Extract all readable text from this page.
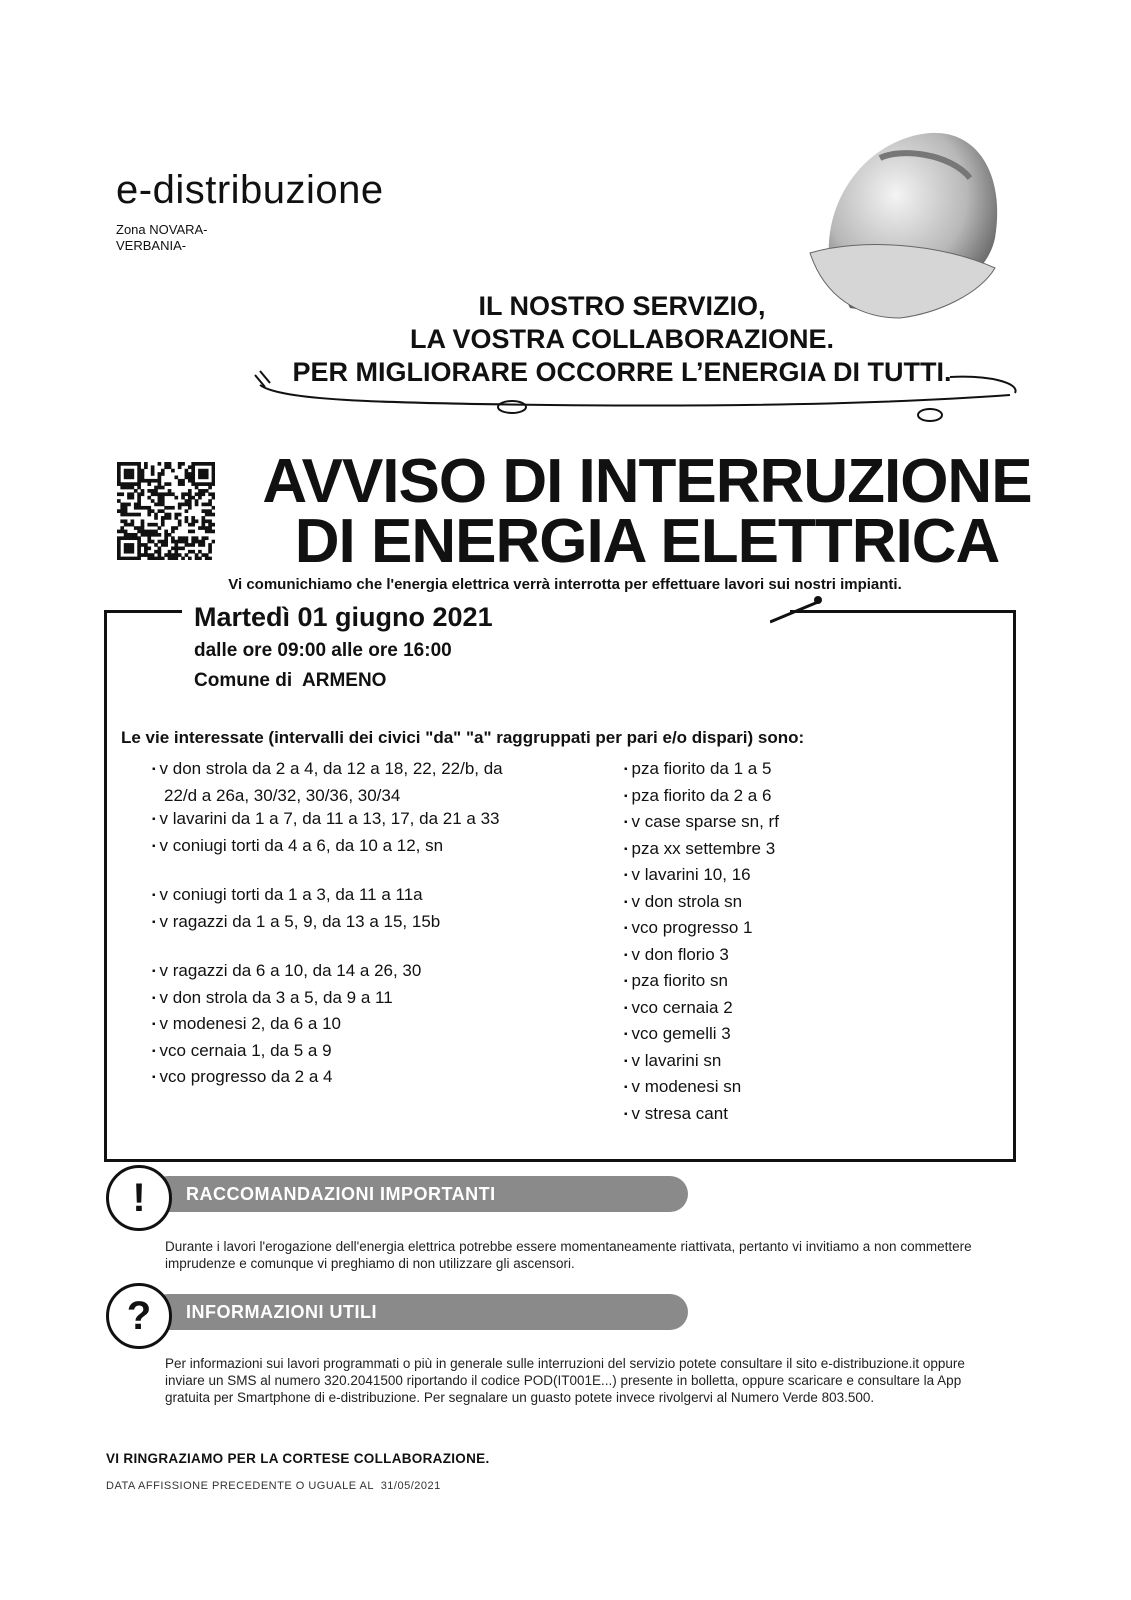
e-distribuzione
Zona NOVARA-
VERBANIA-
IL NOSTRO SERVIZIO,
LA VOSTRA COLLABORAZIONE.
PER MIGLIORARE OCCORRE L’ENERGIA DI TUTTI.
AVVISO DI INTERRUZIONE
DI ENERGIA ELETTRICA
Vi comunichiamo che l'energia elettrica verrà interrotta per effettuare lavori sui nostri impianti.
Martedì 01 giugno 2021
dalle ore 09:00 alle ore 16:00
Comune di  ARMENO
Le vie interessate (intervalli dei civici "da" "a" raggruppati per pari e/o dispari) sono:
▪ v don strola da 2 a 4, da 12 a 18, 22, 22/b, da 22/d a 26a, 30/32, 30/36, 30/34
▪ v lavarini da 1 a 7, da 11 a 13, 17, da 21 a 33
▪ v coniugi torti da 4 a 6, da 10 a 12, sn
▪ v coniugi torti da 1 a 3, da 11 a 11a
▪ v ragazzi da 1 a 5, 9, da 13 a 15, 15b
▪ v ragazzi da 6 a 10, da 14 a 26, 30
▪ v don strola da 3 a 5, da 9 a 11
▪ v modenesi 2, da 6 a 10
▪ vco cernaia 1, da 5 a 9
▪ vco progresso da 2 a 4
▪ pza fiorito da 1 a 5
▪ pza fiorito da 2 a 6
▪ v case sparse sn, rf
▪ pza xx settembre 3
▪ v lavarini 10, 16
▪ v don strola sn
▪ vco progresso 1
▪ v don florio 3
▪ pza fiorito sn
▪ vco cernaia 2
▪ vco gemelli 3
▪ v lavarini sn
▪ v modenesi sn
▪ v stresa cant
RACCOMANDAZIONI IMPORTANTI
!
Durante i lavori l'erogazione dell'energia elettrica potrebbe essere momentaneamente riattivata, pertanto vi invitiamo a non commettere imprudenze e comunque vi preghiamo di non utilizzare gli ascensori.
INFORMAZIONI UTILI
?
Per informazioni sui lavori programmati o più in generale sulle interruzioni del servizio potete consultare il sito e-distribuzione.it oppure inviare un SMS al numero 320.2041500 riportando il codice POD(IT001E...) presente in bolletta, oppure scaricare e consultare la App gratuita per Smartphone di e-distribuzione. Per segnalare un guasto potete invece rivolgervi al Numero Verde 803.500.
VI RINGRAZIAMO PER LA CORTESE COLLABORAZIONE.
DATA AFFISSIONE PRECEDENTE O UGUALE AL  31/05/2021
